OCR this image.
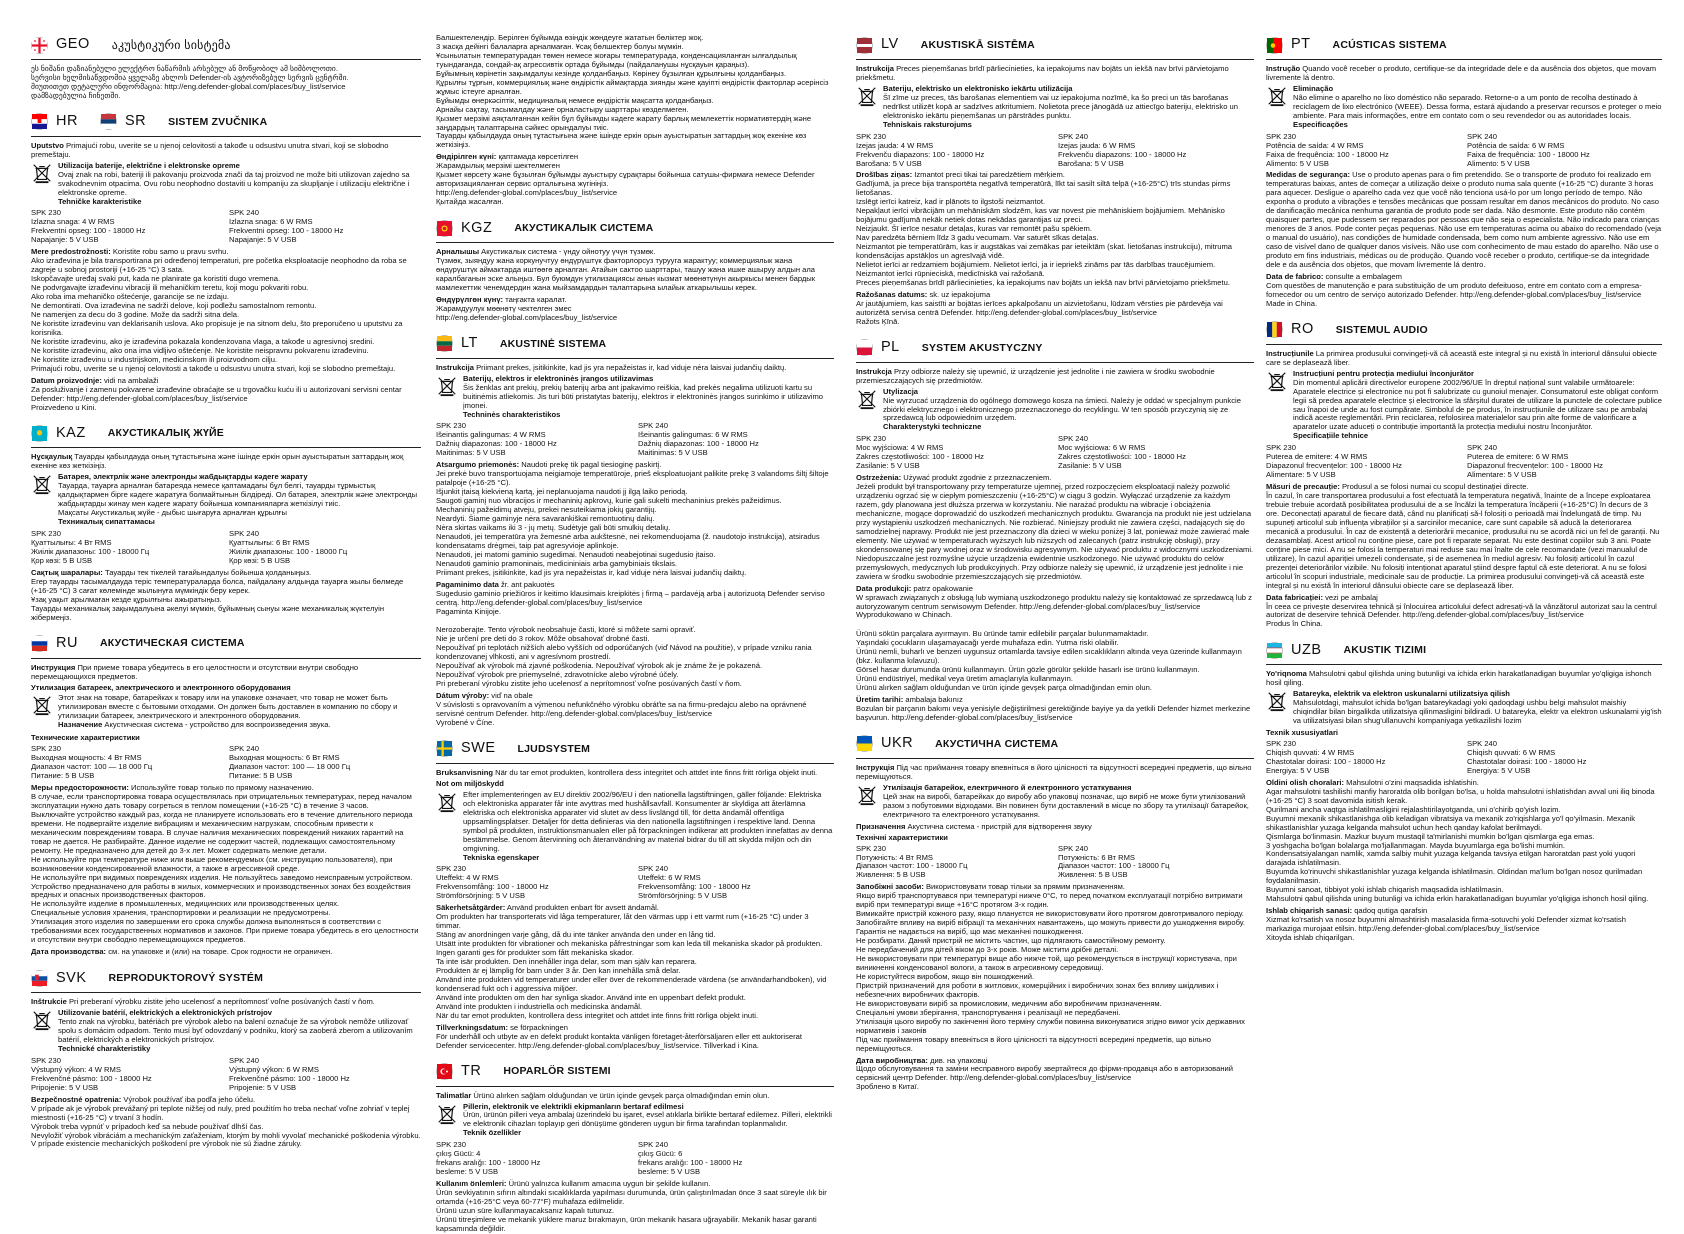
GEO აკუსტიკური სისტემა
ეს ნიშანი დაზიანებული ელექტრო ნაწარმის არსებულ ან მოწყობილ ამ სიმბოლოთი.
სერვისი ხელმისაწვდომია ყველაზე ახლოს Defender-ის ავტორიზებულ სერვის ცენტრში.
მიუთითეთ დეტალური ინფორმაცია: http://eng.defender-global.com/places/buy_list/service
დამზადებულია ჩინეთში.
HR	SR SISTEM ZVUČNIKA

Uputstvo Primajući robu, uverite se u njenoj celovitosti a takođe u odsustvu unutra stvari, koji se slobodno premeštaju.

Utilizacija baterije, električne i elektronske opreme
Ovaj znak na robi, bateriji ili pakovanju proizvoda znači da taj proizvod ne može biti utilizovan zajedno sa svakodnevnim otpacima. Ovu robu neophodno dostaviti u kompaniju za skupljanje i utilizaciju električne i elektronske opreme.
Tehničke karakteristike
SPK 230
Izlazna snaga: 4 W RMS
Frekventni opseg: 100 - 18000 Hz
Napajanje: 5 V USB
SPK 240
Izlazna snaga: 6 W RMS
Frekventni opseg: 100 - 18000 Hz
Napajanje: 5 V USB
Mere predostrožnosti: Koristite robu samo u pravu svrhu.
Ako izrađevina je bila transportirana pri određenoj temperaturi, pre početka eksploatacije neophodno da roba se zagreje u sobnoj prostoriji (+16-25 °C) 3 sata.
Iskopčavajte uređaj svaki put, kada ne planirate ga koristiti dugo vremena.
Ne podvrgavajte izrađevinu vibraciji ili mehaničkim teretu, koji mogu pokvariti robu.
Ako roba ima mehaničko oštećenje, garancije se ne izdaju.
Ne demontirati. Ova izrađevina ne sadrži delove, koji podležu samostalnom remontu.
Ne namenjen za decu do 3 godine. Može da sadrži sitna dela.
Ne koristite izrađevinu van deklarisanih uslova. Ako propisuje je na sitnom delu, što preporučeno u uputstvu za korisnika.
Ne koristite izrađevinu, ako je izrađevina pokazala kondenzovana vlaga, a takođe u agresivnoj sredini.
Ne koristite izrađevinu, ako ona ima vidljivo oštećenje. Ne koristite neispravnu pokvarenu izrađevinu.
Ne koristite izrađevinu u industrijskom, medicinskom ili proizvodnom cilju.
Primajući robu, uverite se u njenoj celovitosti a takođe u odsustvu unutra stvari, koji se slobodno premeštaju.
Datum proizvodnje: vidi na ambalaži
Za posluživanje i zamenu pokvarene izrađevine obraćajte se u trgovačku kuću ili u autorizovani servisni centar Defender: http://eng.defender-global.com/places/buy_list/service
Proizvedeno u Kini.
KAZ АКУСТИКАЛЫҚ ЖҮЙЕ

Нұсқаулық Тауарды қабылдауда оның тұтастығына және ішінде еркін орын ауыстыратын заттардың жоқ екеніне көз жеткізіңіз.

Батарея, электрлік және электронды жабдықтарды кәдеге жарату
Тауарда, тауарға арналған батареяда немесе қаптамадағы бұл белгі, тауарды тұрмыстық қалдықтармен бірге кәдеге жаратуға болмайтынын білдіреді. Ол батарея, электрлік және электронды жабдықтарды жинау мен кәдеге жарату бойынша компанияларға жеткізілуі тиіс.
Мақсаты Акустикалық жүйе - дыбыс шығаруға арналған құрылғы
Техникалық сипаттамасы
SPK 230
Қуаттылығы: 4 Вт RMS
Жиілік диапазоны: 100 - 18000 Гц
Қор көзі: 5 В USB
SPK 240
Қуаттылығы: 6 Вт RMS
Жиілік диапазоны: 100 - 18000 Гц
Қор көзі: 5 В USB
Сақтық шаралары: Тауарды тек тікелей тағайындалуы бойынша қолданыңыз.
Егер тауарды тасымалдауда теріс температураларда болса, пайдалану алдында тауарға жылы бөлмеде (+16-25 °C) 3 сағат көлемінде жылынуға мүмкіндік беру керек.
Ұзақ уақыт арылмаған кезде құрылғыны ажыратыңыз.
Тауарды механикалық зақымдалуына әкелуі мүмкін, бұйымның сынуы және механикалық жүктелуін жібермеңіз.
RU АКУСТИЧЕСКАЯ СИСТЕМА

Инструкция При приеме товара убедитесь в его целостности и отсутствии внутри свободно перемещающихся предметов.

Утилизация батареек, электрического и электронного оборудования
Этот знак на товаре, батарейках к товару или на упаковке означает, что товар не может быть утилизирован вместе с бытовыми отходами. Он должен быть доставлен в компанию по сбору и утилизации батареек, электрического и электронного оборудования.
Назначение Акустическая система - устройство для воспроизведения звука.
Технические характеристики
SPK 230
Выходная мощность: 4 Вт RMS
Диапазон частот: 100 — 18 000 Гц
Питание: 5 В USB
SPK 240
Выходная мощность: 6 Вт RMS
Диапазон частот: 100 — 18 000 Гц
Питание: 5 В USB
Меры предосторожности: Используйте товар только по прямому назначению.
В случае, если транспортировка товара осуществлялась при отрицательных температурах, перед началом эксплуатации нужно дать товару согреться в теплом помещении (+16-25 °C) в течение 3 часов.
Выключайте устройство каждый раз, когда не планируете использовать его в течение длительного периода времени. Не подвергайте изделие вибрациям и механическим нагрузкам, способным привести к механическим повреждениям товара. В случае наличия механических повреждений никаких гарантий на товар не дается. Не разбирайте. Данное изделие не содержит частей, подлежащих самостоятельному ремонту. Не предназначено для детей до 3-х лет. Может содержать мелкие детали.
Не используйте при температуре ниже или выше рекомендуемых (см. инструкцию пользователя), при возникновении конденсированной влажности, а также в агрессивной среде.
Не используйте при видимых повреждениях изделия. Не пользуйтесь заведомо неисправным устройством. Устройство предназначено для работы в жилых, коммерческих и производственных зонах без воздействия вредных и опасных производственных факторов.
Не используйте изделие в промышленных, медицинских или производственных целях.
Специальные условия хранения, транспортировки и реализации не предусмотрены.
Утилизация этого изделия по завершении его срока службы должна выполняться в соответствии с требованиями всех государственных нормативов и законов. При приеме товара убедитесь в его целостности и отсутствии внутри свободно перемещающихся предметов.
Дата производства: см. на упаковке и (или) на товаре. Срок годности не ограничен.
SVK REPRODUKTOROVÝ SYSTÉM

Inštrukcie Pri preberaní výrobku zistite jeho ucelenosť a neprítomnosť voľne posúvaných častí v ňom.

Utilizovanie batérií, elektrických a elektronických prístrojov
Tento znak na výrobku, batériách pre výrobok alebo na balení označuje že sa výrobok nemôže utilizovať spolu s domácim odpadom. Tento musí byť odovzdaný v podniku, ktorý sa zaoberá zberom a utilizovaním batérií, elektrických a elektronických prístrojov.
Technické charakteristiky
SPK 230
Výstupný výkon: 4 W RMS
Frekvenčné pásmo: 100 - 18000 Hz
Pripojenie: 5 V USB
SPK 240
Výstupný výkon: 6 W RMS
Frekvenčné pásmo: 100 - 18000 Hz
Pripojenie: 5 V USB
Bezpečnostné opatrenia: Výrobok používať iba podľa jeho účelu.
V prípade ak je výrobok prevážaný pri teplote nižšej od nuly, pred použitím ho treba nechať voľne zohriať v teplej miestnosti (+16-25 °C) v trvaní 3 hodín.
Výrobok treba vypnúť v prípadoch keď sa nebude používať dlhší čas.
Nevyložiť výrobok vibráciám a mechanickým zaťaženiam, ktorým by mohli vyvolať mechanické poškodenia výrobku. V prípade existencie mechanických poškodení pre výrobok nie sú žiadne záruky.
Балшектелендір. Берілген бұйымда өзіндік жөндеуге жататын бөліктер жоқ.
3 жасқа дейінгі балаларға арналмаған. Ұсақ бөлшектер болуы мүмкін.
Ұсынылатын температурадан төмен немесе жоғары температурада, конденсацияланған ылғалдылық туындағанда, сондай-ақ агрессивтік ортада бұйымды (пайдаланушы нұсқауын қараңыз).
Бұйымның көрінетін зақымдалуы кезінде қолданбаңыз. Көрінеу бұзылған құрылғыны қолданбаңыз.
Құрылғы тұрғын, коммерциялық және өндірістік аймақтарда зиянды және қауіпті өндірістік факторлар әсерінсіз жұмыс істеуге арналған.
Бұйымды өнеркәсіптік, медициналық немесе өндірістік мақсатта қолданбаңыз.
Арнайы сақтау, тасымалдау және орналастыру шарттары көзделмеген.
Қызмет мерзімі аяқталғаннан кейін бұл бұйымды кәдеге жарату барлық мемлекеттік нормативтердің және заңдардың талаптарына сәйкес орындалуы тиіс.
Тауарды қабылдауда оның тұтастығына және ішінде еркін орын ауыстыратын заттардың жоқ екеніне көз жеткізіңіз.
Өндірілген күні: қаптамада көрсетілген
Жарамдылық мерзімі шектелмеген
Қызмет көрсету және бұзылған бұйымды ауыстыру сұрақтары бойынша сатушы-фирмаға немесе Defender авторизацияланған сервис орталығына жүгініңіз.
http://eng.defender-global.com/places/buy_list/service
Қытайда жасалған.
KGZ АКУСТИКАЛЫК СИСТЕМА
Арналышы Акустикалык система - үнду ойнотуу үчүн түзмөк.
Түзмөк, зыяндуу жана коркунучтуу өндүрүштүк факторлорсуз турууга жарактуу; коммерциялык жана өндүрүштүк аймактарда иштөөгө арналган. Атайын сактоо шарттары, ташуу жана ишке ашыруу алдын ала каралбаганын эске алыңыз. Бул буюмдун утилизациясы анын кызмат мөөнөтүнүн акыркысы менен бардык мамлекеттик ченемдердин жана мыйзамдардын талаптарына ылайык аткарылышы керек.
Өндүрүлгөн күнү: таңгакта каралат.
Жарамдуулук мөөнөтү чектелген эмес
http://eng.defender-global.com/places/buy_list/service
LT AKUSTINĖ SISTEMA

Instrukcija Priimant prekes, įsitikinkite, kad jis yra nepažeistas ir, kad viduje nėra laisvai judančių daiktų.

Baterijų, elektros ir elektroninės įrangos utilizavimas
Šis ženklas ant prekių, prekių baterijų arba ant įpakavimo reiškia, kad prekės negalima utilizuoti kartu su buitinėmis atliekomis. Jis turi būti pristatytas baterijų, elektros ir elektroninės įrangos surinkimo ir utilizavimo įmonei.
Techninės charakteristikos
SPK 230
Išeinantis galingumas: 4 W RMS
Dažnių diapazonas: 100 - 18000 Hz
Maitinimas: 5 V USB
SPK 240
Išeinantis galingumas: 6 W RMS
Dažnių diapazonas: 100 - 18000 Hz
Maitinimas: 5 V USB
Atsargumo priemonės: Naudoti prekę tik pagal tiesioginę paskirtį.
Jei prekė buvo transportuojama neigiamoje temperatūroje, prieš eksploatuojant palikite prekę 3 valandoms šiltį šiltoje patalpoje (+16-25 °C).
Išjunkit įtaisą kiekvieną kartą, jei neplanuojama naudoti jį ilgą laiko periodą.
Saugoti gaminį nuo vibracijos ir mechaninių apkrovų, kurie gali sukelti mechaninius prekės pažeidimus.
Mechaninių pažeidimų atveju, prekei nesuteikiama jokių garantijų.
Neardyti. Šiame gaminyje nėra savarankiškai remontuotinų dalių.
Nėra skirtas vaikams iki 3 - jų metų. Sudėtyje gali būti smulkių detalių.
Nenaudoti, jei temperatūra yra žemesnė arba aukštesnė, nei rekomenduojama (ž. naudotojo instrukcija), atsiradus kondensatams drėgmei, taip pat agresyvioje aplinkoje.
Nenaudoti, jei matomi gaminio sugedimai. Nenaudoti neabejotinai sugedusio įtaiso.
Nenaudoti gaminio pramoninais, medicininiais arba gamybiniais tikslais.
Priimant prekes, įsitikinkite, kad jis yra nepažeistas ir, kad viduje nėra laisvai judančių daiktų.
Pagaminimo data žr. ant pakuotės
Sugedusio gaminio priežiūros ir keitimo klausimais kreipkitės į firmą – pardavėją arba į autorizuotą Defender serviso centrą. http://eng.defender-global.com/places/buy_list/service
Pagaminta Kinijoje.
Nerozoberajte. Tento výrobok neobsahuje časti, ktoré si môžete sami opraviť.
Nie je určení pre deti do 3 rokov. Môže obsahovať drobné časti.
Nepoužívať pri teplotách nižších alebo vyšších od odporúčaných (viď Návod na použitie), v prípade vzniku rania kondenzovanej vlhkosti, ani v agresívnom prostredí.
Nepoužívať ak výrobok má zjavné poškodenia. Nepoužívať výrobok ak je známe že je pokazená.
Nepoužívať výrobok pre priemyselné, zdravotnícke alebo výrobné účely.
Pri preberaní výrobku zistite jeho ucelenosť a neprítomnosť voľne posúvaných častí v ňom.
Dátum výroby: viď na obale
V súvislosti s opravovaním a výmenou nefunkčného výrobku obráťte sa na firmu-predajcu alebo na oprávnené servisné centrum Defender. http://eng.defender-global.com/places/buy_list/service
Vyrobené v Číne.
SWE LJUDSYSTEM

Bruksanvisning När du tar emot produkten, kontrollera dess integritet och attdet inte finns fritt rörliga objekt inuti.

Not om miljöskydd
Efter implementeringen av EU direktiv 2002/96/EU i den nationella lagstiftningen, gäller följande: Elektriska och elektroniska apparater får inte avyttras med hushållsavfall. Konsumenter är skyldiga att återlämna elektriska och elektroniska apparater vid slutet av dess livslängd till, för detta ändamål offentliga uppsamlingsplatser. Detaljer för detta definieras via den nationella lagstiftningen i respektive land. Denna symbol på produkten, instruktionsmanualen eller på förpackningen indikerar att produkten innefattas av denna bestämmelse. Genom återvinning och återanvändning av material bidrar du till att skydda miljön och din omgivning.
Tekniska egenskaper
SPK 230
Uteffekt: 4 W RMS
Frekvensomfång: 100 - 18000 Hz
Strömförsörjning: 5 V USB
SPK 240
Uteffekt: 6 W RMS
Frekvensomfång: 100 - 18000 Hz
Strömförsörjning: 5 V USB
Säkerhetsåtgärder: Använd produkten enbart för avsett ändamål.
Om produkten har transporterats vid låga temperaturer, låt den värmas upp i ett varmt rum (+16-25 °C) under 3 timmar.
Stäng av anordningen varje gång, då du inte tänker använda den under en lång tid.
Utsätt inte produkten för vibrationer och mekaniska påfrestningar som kan leda till mekaniska skador på produkten. Ingen garanti ges för produkter som fått mekaniska skador.
Ta inte isär produkten. Den innehåller inga delar, som man själv kan reparera.
Produkten är ej lämplig för barn under 3 år. Den kan innehålla små delar.
Använd inte produkten vid temperaturer under eller över de rekommenderade värdena (se användarhandboken), vid kondenserad fukt och i aggressiva miljöer.
Använd inte produkten om den har synliga skador. Använd inte en uppenbart defekt produkt.
Använd inte produkten i industriella och medicinska ändamål.
När du tar emot produkten, kontrollera dess integritet och attdet inte finns fritt rörliga objekt inuti.
Tillverkningsdatum: se förpackningen
För underhåll och utbyte av en defekt produkt kontakta vänligen företaget-återförsäljaren eller ett auktoriserat Defender servicecenter. http://eng.defender-global.com/places/buy_list/service. Tillverkad i Kina.
TR HOPARLÖR SISTEMI

Talimatlar Ürünü alırken sağlam olduğundan ve ürün içinde gevşek parça olmadığından emin olun.

Pillerin, elektronik ve elektrikli ekipmanların bertaraf edilmesi
Ürün, ürünün pilleri veya ambalaj üzerindeki bu işaret, evsel atıklarla birlikte bertaraf edilemez. Pilleri, elektrikli ve elektronik cihazları toplayıp geri dönüşüme gönderen uygun bir firma tarafından toplanmalıdır.
Teknik özellikler
SPK 230
çıkış Gücü: 4
frekans aralığı: 100 - 18000 Hz
besleme: 5 V USB
SPK 240
çıkış Gücü: 6
frekans aralığı: 100 - 18000 Hz
besleme: 5 V USB
Kullanım önlemleri: Ürünü yalnızca kullanım amacına uygun bir şekilde kullanın.
Ürün sevkiyatının sıfırın altındaki sıcaklıklarda yapılması durumunda, ürün çalıştırılmadan önce 3 saat süreyle ılık bir ortamda (+16-25°C veya 60-77°F) muhafaza edilmelidir.
Ürünü uzun süre kullanmayacaksanız kapalı tutunuz.
Ürünü titreşimlere ve mekanik yüklere maruz bırakmayın, ürün mekanik hasara uğrayabilir. Mekanik hasar garanti kapsamında değildir.
LV AKUSTISKĀ SISTĒMA

Instrukcija Preces pieņemšanas brīdī pārliecinieties, ka iepakojums nav bojāts un iekšā nav brīvi pārvietojamo priekšmetu.

Bateriju, elektrisko un elektronisko iekārtu utilizācija
Šī zīme uz preces, tās barošanas elementiem vai uz iepakojuma nozīmē, ka šo preci un tās barošanas nedrīkst utilizēt kopā ar sadzīves atkritumiem. Nolietota prece jānogādā uz attiecīgo bateriju, elektrisko un elektronisko iekārtu pieņemšanas un pārstrādes punktu.
Tehniskais raksturojums
SPK 230
Izejas jauda: 4 W RMS
Frekvenču diapazons: 100 - 18000 Hz
Barošana: 5 V USB
SPK 240
Izejas jauda: 6 W RMS
Frekvenču diapazons: 100 - 18000 Hz
Barošana: 5 V USB
Drošības ziņas: Izmantot preci tikai tai paredzētiem mērķiem.
Gadījumā, ja prece bija transportēta negatīvā temperatūrā, līkt tai sasilt siltā telpā (+16-25°C) trīs stundas pirms lietošanas.
Izslēgt ierīci katreiz, kad ir plānots to ilgstoši neizmantot.
Nepakļaut ierīci vibrācijām un mehāniskām slodzēm, kas var novest pie mehāniskiem bojājumiem. Mehānisko bojājumu gadījumā nekāk netiek dotas nekādas garantijas uz preci.
Neizjaukt. Šī ierīce nesatur detaļas, kuras var remontēt pašu spēkiem.
Nav paredzēta bērniem līdz 3 gadu vecumam. Var saturēt sīkas detaļas.
Neizmantot pie temperatūrām, kas ir augstākas vai zemākas par ieteiktām (skat. lietošanas instrukciju), mitruma kondensācijas apstākļos un agresīvajā vidē.
Nelietot ierīci ar redzamiem bojājumiem. Nelietot ierīci, ja ir iepriekš zināms par tās darbības traucējumiem.
Neizmantot ierīci rūpnieciskā, medicīniskā vai ražošanā.
Preces pieņemšanas brīdī pārliecinieties, ka iepakojums nav bojāts un iekšā nav brīvi pārvietojamo priekšmetu.
Ražošanas datums: sk. uz iepakojuma
Ar jautājumiem, kas saistīti ar bojātas ierīces apkalpošanu un aizvietošanu, lūdzam vērsties pie pārdevēja vai autorizētā servisa centrā Defender. http://eng.defender-global.com/places/buy_list/service
Ražots Ķīnā.
PL SYSTEM AKUSTYCZNY

Instrukcja Przy odbiorze należy się upewnić, iż urządzenie jest jednolite i nie zawiera w środku swobodnie przemieszczających się przedmiotów.

Utylizacja
Nie wyrzucać urządzenia do ogólnego domowego kosza na śmieci. Należy je oddać w specjalnym punkcie zbiórki elektrycznego i elektronicznego przeznaczonego do recyklingu. W ten sposób przyczynią się ze sprzedawcą lub odpowiednim urzędem.
Charakterystyki techniczne
SPK 230
Moc wyjściowa: 4 W RMS
Zakres częstotliwości: 100 - 18000 Hz
Zasilanie: 5 V USB
SPK 240
Moc wyjściowa: 6 W RMS
Zakres częstotliwości: 100 - 18000 Hz
Zasilanie: 5 V USB
Ostrzeżenia: Używać produkt zgodnie z przeznaczeniem.
Jeżeli produkt był transportowany przy temperaturze ujemnej, przed rozpoczęciem eksploatacji należy pozwolić urządzeniu ogrzać się w ciepłym pomieszczeniu (+16-25°C) w ciągu 3 godzin. Wyłączać urządzenie za każdym razem, gdy planowana jest dłuższa przerwa w korzystaniu. Nie narażać produktu na wibracje i obciążenia mechaniczne, mogące doprowadzić do uszkodzeń mechanicznych produktu. Gwarancja na produkt nie jest udzielana przy wystąpieniu uszkodzeń mechanicznych. Nie rozbierać. Niniejszy produkt nie zawiera części, nadających się do samodzielnej naprawy. Produkt nie jest przeznaczony dla dzieci w wieku poniżej 3 lat, ponieważ może zawierać małe elementy. Nie używać w temperaturach wyższych lub niższych od zalecanych (patrz instrukcję obsługi), przy skondensowanej się pary wodnej oraz w środowisku agresywnym. Nie używać produktu z widocznymi uszkodzeniami. Niedopuszczalne jest rozmyślne użycie urządzenia ewidentnie uszkodzonego. Nie używać produktu do celów przemysłowych, medycznych lub produkcyjnych. Przy odbiorze należy się upewnić, iż urządzenie jest jednolite i nie zawiera w środku swobodnie przemieszczających się przedmiotów.
Data produkcji: patrz opakowanie
W sprawach związanych z obsługą lub wymianą uszkodzonego produktu należy się kontaktować ze sprzedawcą lub z autoryzowanym centrum serwisowym Defender. http://eng.defender-global.com/places/buy_list/service
Wyprodukowano w Chinach.
Ürünü sökün parçalara ayırmayın. Bu üründe tamir edilebilir parçalar bulunmamaktadır.
Yaşındaki çocukların ulaşamayacağı yerde muhafaza edin. Yutma riski olabilir.
Ürünü nemli, buharlı ve benzeri uygunsuz ortamlarda tavsiye edilen sıcaklıkların altında veya üzerinde kullanmayın (bkz. kullanma kılavuzu).
Görsel hasar durumunda ürünü kullanmayın. Ürün gözle görülür şekilde hasarlı ise ürünü kullanmayın.
Ürünü endüstriyel, medikal veya üretim amaçlarıyla kullanmayın.
Ürünü alırken sağlam olduğundan ve ürün içinde gevşek parça olmadığından emin olun.
Üretim tarihi: ambalaja bakınız
Bozulan bir parçanın bakımı veya yenisiyle değiştirilmesi gerektiğinde bayiye ya da yetkili Defender hizmet merkezine başvurun. http://eng.defender-global.com/places/buy_list/service
UKR АКУСТИЧНА СИСТЕМА

Інструкція Під час приймання товару впевніться в його цілісності та відсутності всередині предметів, що вільно переміщуються.

Утилізація батарейок, електричного й електронного устаткування
Цей знак на виробі, батарейках до виробу або упаковці позначає, що виріб не може бути утилізований разом з побутовими відходами. Він повинен бути доставлений в місце по збору та утилізації батарейок, електричного та електронного устаткування.

Призначення Акустична система - пристрій для відтворення звуку

Технічні характеристики
SPK 230
Потужність: 4 Вт RMS
Діапазон частот: 100 - 18000 Гц
Живлення: 5 В USB
SPK 240
Потужність: 6 Вт RMS
Діапазон частот: 100 - 18000 Гц
Живлення: 5 В USB
Запобіжні засоби: Використовувати товар тільки за прямим призначенням.
Якщо виріб транспортувався при температурі нижче 0°С, то перед початком експлуатації потрібно витримати виріб при температурі вище +16°С протягом 3-х годин.
Вимикайте пристрій кожного разу, якщо плануєтся не використовувати його протягом довготривалого періоду.
Запобігайте впливу на виріб вібрації та механічних навантажень, що можуть привести до ушкодження виробу. Гарантія не надається на виріб, що має механічні пошкодження.
Не розбирати. Даний пристрій не містить частин, що підлягають самостійному ремонту.
Не передбачений для дітей віком до 3-х років. Може містити дрібні деталі.
Не використовувати при температурі вище або нижче той, що рекомендується в інструкції користувача, при виникненні конденсованої вологи, а також в агресивному середовищі.
Не користуйтеся виробом, якщо він пошкоджений.
Пристрій призначений для роботи в житлових, комерційних і виробничих зонах без впливу шкідливих і небезпечних виробничих факторів.
Не використовувати виріб за промисловим, медичним або виробничим призначенням.
Спеціальні умови зберігання, транспортування і реалізації не передбачені.
Утилізація цього виробу по закінченні його терміну служби повинна виконуватися згідно вимог усіх державних нормативів і законів
Під час приймання товару впевніться в його цілісності та відсутності всередині предметів, що вільно переміщуються.
Дата виробництва: див. на упаковці
Щодо обслуговування та заміни несправного виробу звертайтеся до фірми-продавця або в авторизований сервісний центр Defender. http://eng.defender-global.com/places/buy_list/service
Зроблено в Китаї.
PT ACÚSTICAS SISTEMA

Instrução Quando você receber o produto, certifique-se da integridade dele e da ausência dos objetos, que movam livremente lá dentro.

Eliminação
Não elimine o aparelho no lixo doméstico não separado. Retorne-o a um ponto de recolha destinado à reciclagem de lixo electrónico (WEEE). Dessa forma, estará ajudando a preservar recursos e proteger o meio ambiente. Para mais informações, entre em contato com o seu revendedor ou as autoridades locais.
Especificações
SPK 230
Potência de saída: 4 W RMS
Faixa de frequência: 100 - 18000 Hz
Alimento: 5 V USB
SPK 240
Potência de saída: 6 W RMS
Faixa de frequência: 100 - 18000 Hz
Alimento: 5 V USB
Medidas de segurança: Use o produto apenas para o fim pretendido. Se o transporte de produto foi realizado em temperaturas baixas, antes de começar a utilização deixe o produto numa sala quente (+16-25 °C) durante 3 horas para aquecer. Desligue o aparelho cada vez que você não tenciona usá-lo por um longo período de tempo. Não exponha o produto a vibrações e tensões mecânicas que possam resultar em danos mecânicos do produto. No caso de danificação mecânica nenhuma garantia de produto pode ser dada. Não desmonte. Este produto não contém quaisquer partes, que pudessem ser reparados por pessoas que não seja o especialista. Não indicado para crianças menores de 3 anos. Pode conter peças pequenas. Não use em temperaturas acima ou abaixo do recomendado (veja o manual do usuário), nas condições de humidade condensada, bem como num ambiente agressivo. Não use em caso de visível dano de qualquer danos visíveis. Não use com conhecimento de mau estado do aparelho. Não use o produto em fins industriais, médicas ou de produção. Quando você receber o produto, certifique-se da integridade dele e da ausência dos objetos, que movam livremente lá dentro.
Data de fabrico: consulte a embalagem
Com questões de manutenção e para substituição de um produto defeituoso, entre em contato com a empresa-fornecedor ou um centro de serviço autorizado Defender. http://eng.defender-global.com/places/buy_list/service
Made in China.
RO SISTEMUL AUDIO

Instrucțiunile La primirea produsului convingeți-vă că această este integral și nu există în interiorul dânsului obiecte care se deplasează liber.

Instrucțiuni pentru protecția mediului înconjurător
Din momentul aplicării directivelor europene 2002/96/UE în dreptul național sunt valabile următoarele: Aparatele electrice și electronice nu pot fi salubrizate cu gunoiul menajer. Consumatorul este obligat conform legii să predea aparatele electrice și electronice la sfârșitul duratei de utilizare la punctele de colectare publice sau înapoi de unde au fost cumpărate. Simbolul de pe produs, în instrucțiunile de utilizare sau pe ambalaj indică aceste reglementări. Prin reciclarea, refolosirea materialelor sau prin alte forme de valorificare a aparatelor uzate aduceți o contribuție importantă la protecția mediului nostru înconjurător.
Specificațiile tehnice
SPK 230
Puterea de emitere: 4 W RMS
Diapazonul frecvențelor: 100 - 18000 Hz
Alimentare: 5 V USB
SPK 240
Puterea de emitere: 6 W RMS
Diapazonul frecvențelor: 100 - 18000 Hz
Alimentare: 5 V USB
Măsuri de precauție: Produsul a se folosi numai cu scopul destinației directe.
În cazul, în care transportarea produsului a fost efectuată la temperatura negativă, înainte de a începe exploatarea trebuie trebuie acordată posibilitatea produsului de a se încălzi la temperatura încăperii (+16-25°C) în decurs de 3 ore. Deconectați aparatul de fiecare dată, când nu planificați să-l folosiți o perioadă mai îndelungată de timp. Nu supuneți articolul sub influența vibrațiilor și a sarcinilor mecanice, care sunt capabile să aducă la deteriorarea mecanică a produsului. În caz de existență a deteriorării mecanice, produsului nu se acordă nici un fel de garanții. Nu dezasamblați. Acest articol nu conține piese, care pot fi reparate separat. Nu este destinat copiilor sub 3 ani. Poate conține piese mici. A nu se folosi la temperaturi mai reduse sau mai înalte de cele recomandate (vezi manualul de utilizare), în cazul apariției umezeli condensate, și de asemenea în mediul agresiv. Nu folosiți articolul în cazul prezenței deteriorărilor vizibile. Nu folosiți intenționat aparatul știind despre faptul că este deteriorat. A nu se folosi articolul în scopuri industriale, medicinale sau de producție. La primirea produsului convingeți-vă că această este integral și nu există în interiorul dânsului obiecte care se deplasează liber.
Data fabricației: vezi pe ambalaj
În ceea ce privește deservirea tehnică și înlocuirea articolului defect adresați-vă la vânzătorul autorizat sau la centrul autorizat de deservire tehnică Defender. http://eng.defender-global.com/places/buy_list/service
Produs în China.
UZB AKUSTIK TIZIMI

Yo'riqnoma Mahsulotni qabul qilishda uning butunligi va ichida erkin harakatlanadigan buyumlar yo'qligiga ishonch hosil qiling.

Batareyka, elektrik va elektron uskunalarni utilizatsiya qilish
Mahsulotdagi, mahsulot ichida bo'lgan batareykadagi yoki qadoqdagi ushbu belgi mahsulot maishiy chiqindilar bilan birgalikda utilizatsiya qilinmasligini bildiradi. U batareyka, elektr va elektron uskunalarni yig'ish va utilizatsiyasi bilan shug'ullanuvchi kompaniyaga yetkazilishi lozim
Texnik xususiyatlari
SPK 230
Chiqish quvvati: 4 W RMS
Chastotalar doirasi: 100 - 18000 Hz
Energiya: 5 V USB
SPK 240
Chiqish quvvati: 6 W RMS
Chastotalar doirasi: 100 - 18000 Hz
Energiya: 5 V USB
Oldini olish choralari: Mahsulotni o'zini maqsadida ishlatishin.
Agar mahsulotni tashilishi manfiy haroratda olib borilgan bo'lsa, u holda mahsulotni ishlatishdan avval uni iliq binoda (+16-25 °C) 3 soat davomida isitish kerak.
Qurilmani ancha vaqtga ishlatilmasligini rejalashtirilayotganda, uni o'chirib qo'yish lozim.
Buyumni mexanik shikastlanishga olib keladigan vibratsiya va mexanik zo'riqishlarga yo'l qo'yilmasin. Mexanik shikastlanishlar yuzaga kelganda mahsulot uchun hech qanday kafolat berilmaydi.
Qismlarga bo'linmasin. Mazkur buyum mustaqil ta'mirlanishi mumkin bo'lgan qismlarga ega emas.
3 yoshgacha bo'lgan bolalarga mo'ljallanmagan. Mayda buyumlarga ega bo'lishi mumkin.
Kondensatsiyalangan namlik, xamda salbiy muhit yuzaga kelganda tavsiya etilgan haroratdan past yoki yuqori darajada ishlatilmasin.
Buyumda ko'rinuvchi shikastlanishlar yuzaga kelganda ishlatilmasin. Oldindan ma'lum bo'lgan nosoz qurilmadan foydalanilmasin.
Buyumni sanoat, tibbiyot yoki ishlab chiqarish maqsadida ishlatilmasin.
Mahsulotni qabul qilishda uning butunligi va ichida erkin harakatlanadigan buyumlar yo'qligiga ishonch hosil qiling.
Ishlab chiqarish sanasi: qadoq qutiga qarafsin
Xizmat ko'rsatish va nosoz buyumni almashtirish masalasida firma-sotuvchi yoki Defender xizmat ko'rsatish markaziga murojaat etilsin. http://eng.defender-global.com/places/buy_list/service
Xitoyda ishlab chiqarilgan.
